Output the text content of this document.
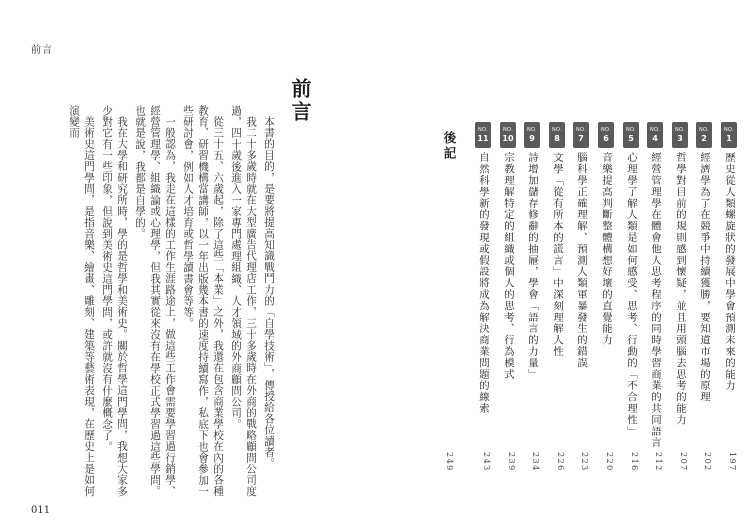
前言
011

本書的目的，是要將提高知識戰鬥力的「自學技術」，傳授給各位讀者。

我二十多歲時就在大型廣告代理店工作，三十多歲時在外商的戰略顧問公司度過，四十歲後進入一家專門處理組織、人才領域的外商顧問公司。

從三十五、六歲起，除了這些「本業」之外，我還在包含商業學校在內的各種教育、研習機構當講師，以一年出版幾本書的速度持續寫作，私底下也會參加一些研討會，例如人才培育或哲學讀書會等等。

一般認為，我走在這樣的工作生涯路途上，做這些工作會需要學習過行銷學、經營管理學、組織論或心理學，但我其實從來沒有在學校正式學習過這些學問。也就是說，我都是自學的。

我在大學和研究所時，學的是哲學和美術史。關於哲學這門學問，我想大家多少對它有一些印象，但說到美術史這門學問，或許就沒有什麼概念了。

美術史這門學問，是指音樂、繪畫、雕刻、建築等藝術表現，在歷史上是如何演變而	前言
NO.
1
歷史從人類螺旋狀的發展中學會預測未來的能力
197
NO.
2
經濟學為了在競爭中持續獲勝，要知道市場的原理
202
NO.
3
哲學對目前的規則感到懷疑，並且用頭腦去思考的能力
207
NO.
4
經營管理學在體會他人思考程序的同時學習商業的共同語言
212
NO.
5
心理學了解人類是如何感受、思考、行動的「不合理性」
216
NO.
6
音樂提高判斷整體構想好壞的直覺能力
220
NO.
7
腦科學正確理解、預測人類軍暴發生的錯誤
223
NO.
8
文學「從有所本的謊言」中深刻理解人性
226
NO.
9
詩增加儲存修辭的抽屜，學會「語言的力量」
234
NO.
10
宗教理解特定的組織或個人的思考、行為模式
239
NO.
11
自然科學新的發現或假設將成為解決商業問題的線索
243
後記
249
